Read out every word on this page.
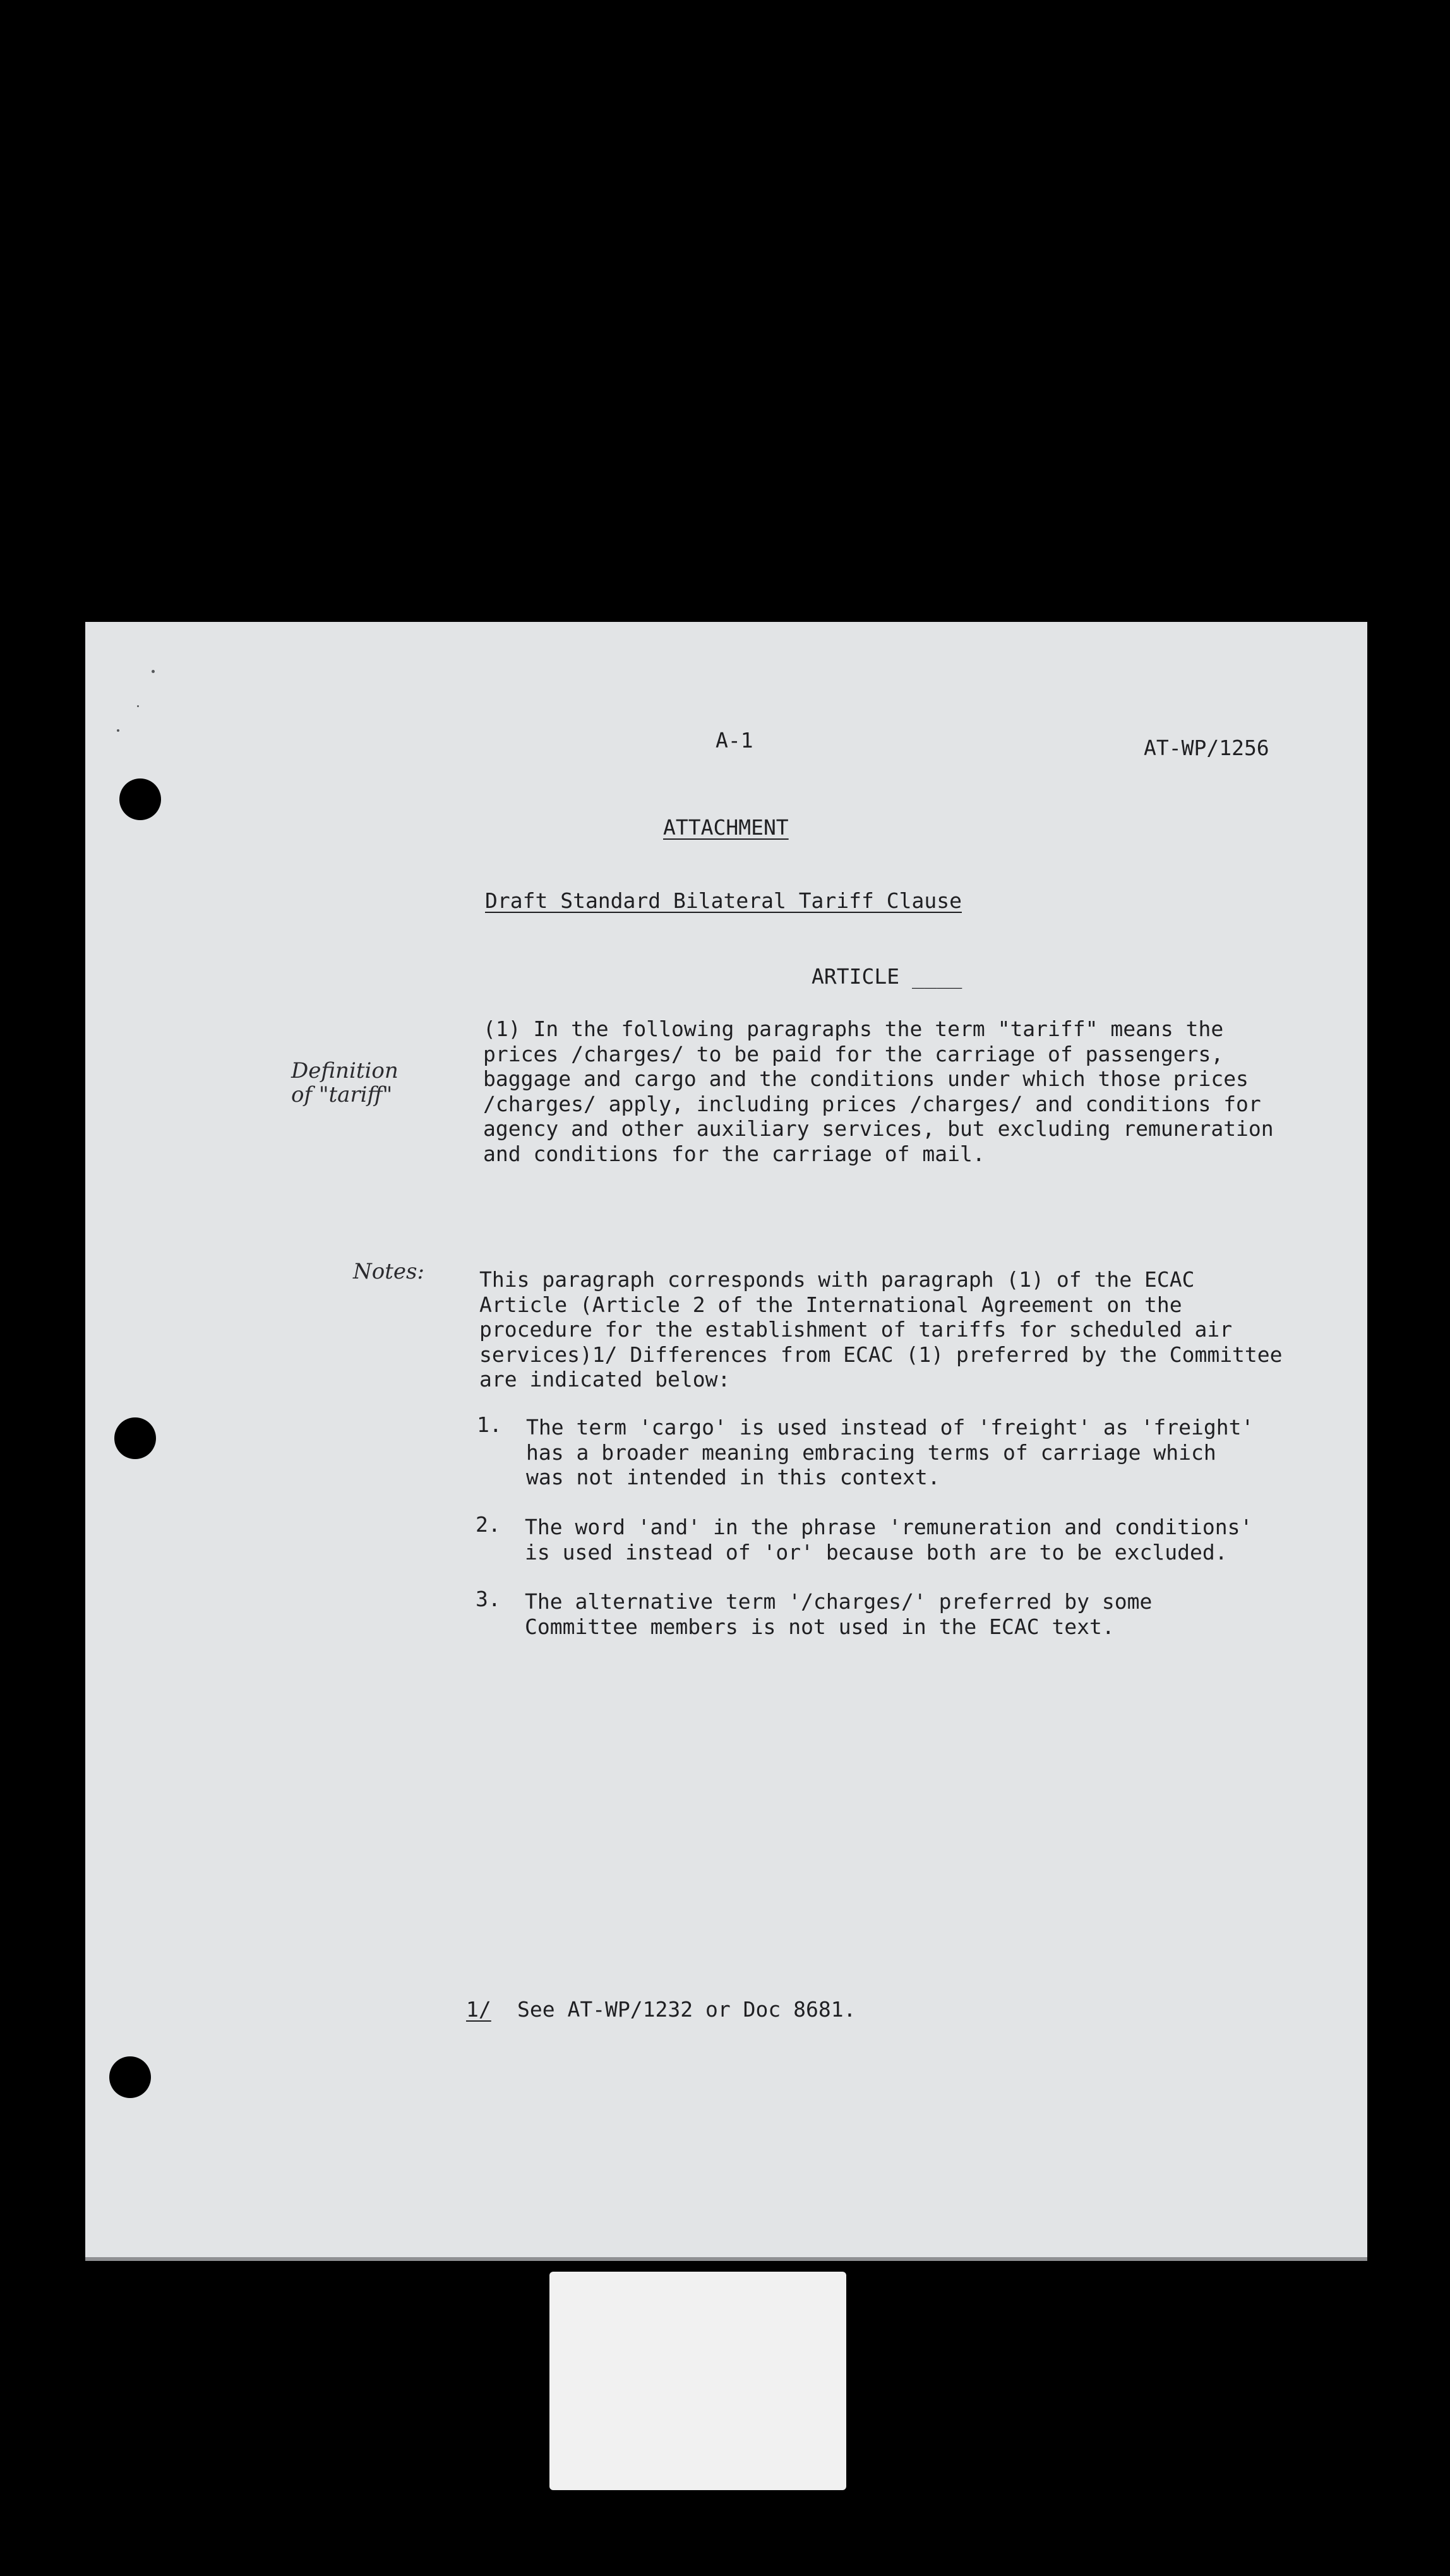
A-1	AT-WP/1256

ATTACHMENT

Draft Standard Bilateral Tariff Clause

ARTICLE ____

Definition

of "tariff"

(1) In the following paragraphs the term "tariff" means the
prices /charges/ to be paid for the carriage of passengers,
baggage and cargo and the conditions under which those prices
/charges/ apply, including prices /charges/ and conditions for
agency and other auxiliary services, but excluding remuneration
and conditions for the carriage of mail.

Notes:	This paragraph corresponds with paragraph (1) of the ECAC
Article (Article 2 of the International Agreement on the
procedure for the establishment of tariffs for scheduled air
services)1/ Differences from ECAC (1) preferred by the Committee
are indicated below:

1. The term 'cargo' is used instead of 'freight' as 'freight'
has a broader meaning embracing terms of carriage which
was not intended in this context.

2. The word 'and' in the phrase 'remuneration and conditions'
is used instead of 'or' because both are to be excluded.

3. The alternative term '/charges/' preferred by some
Committee members is not used in the ECAC text.

1/ See AT-WP/1232 or Doc 8681.
